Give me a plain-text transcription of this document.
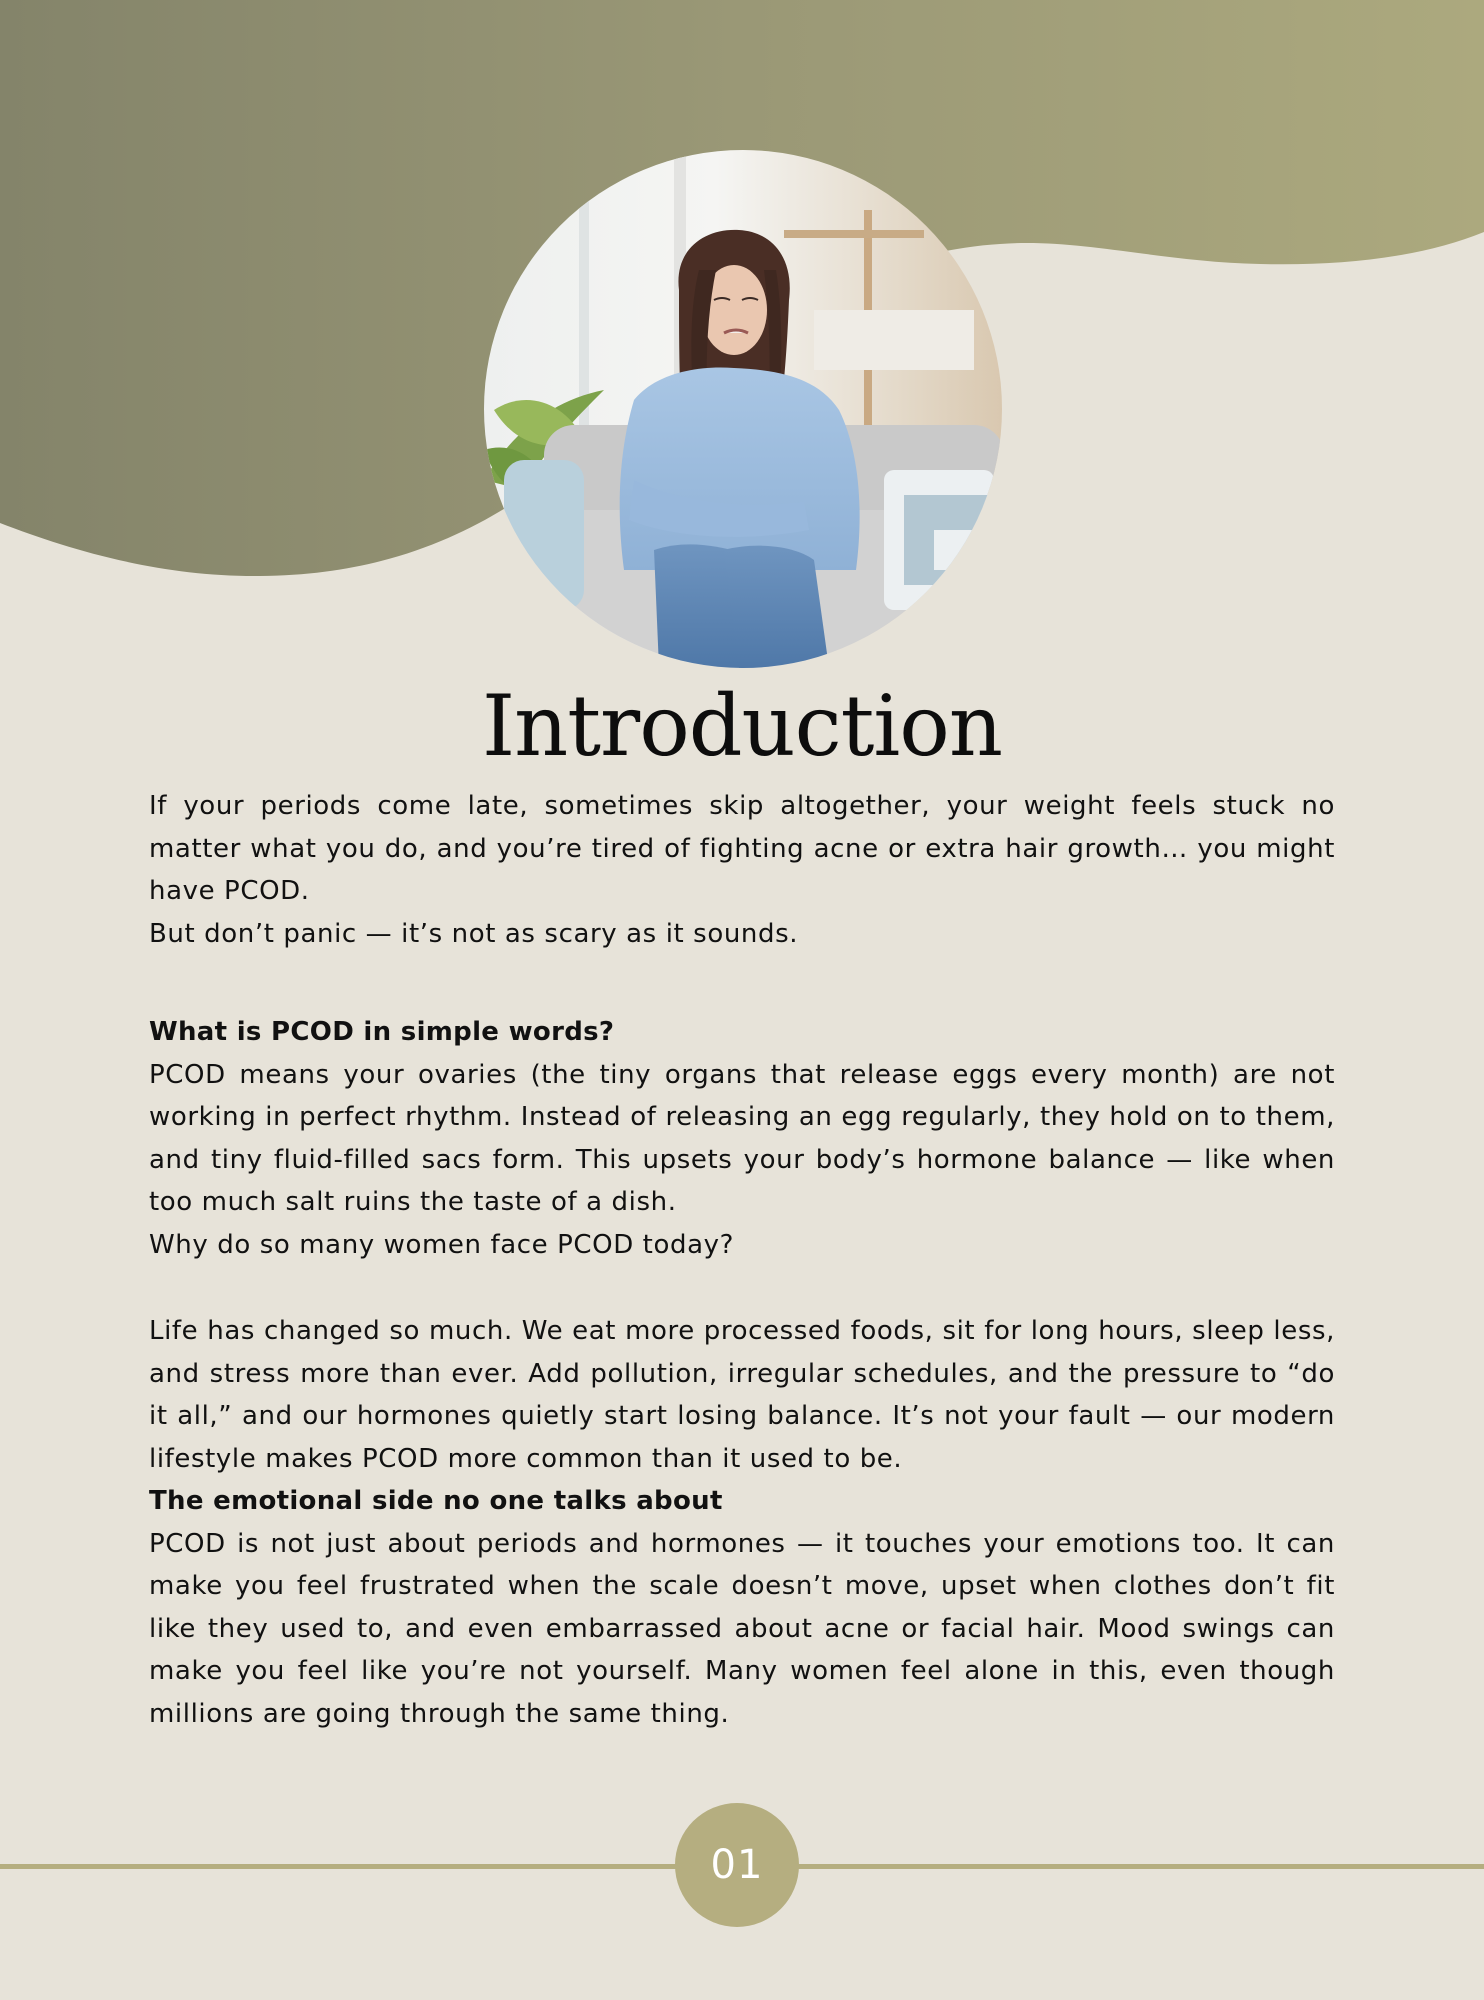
Introduction

If your periods come late, sometimes skip altogether, your weight feels stuck no matter what you do, and you’re tired of fighting acne or extra hair growth… you might have PCOD.

But don’t panic — it’s not as scary as it sounds.

What is PCOD in simple words?

PCOD means your ovaries (the tiny organs that release eggs every month) are not working in perfect rhythm. Instead of releasing an egg regularly, they hold on to them, and tiny fluid-filled sacs form. This upsets your body’s hormone balance — like when too much salt ruins the taste of a dish.

Why do so many women face PCOD today?

Life has changed so much. We eat more processed foods, sit for long hours, sleep less, and stress more than ever. Add pollution, irregular schedules, and the pressure to “do it all,” and our hormones quietly start losing balance. It’s not your fault — our modern lifestyle makes PCOD more common than it used to be.

The emotional side no one talks about

PCOD is not just about periods and hormones — it touches your emotions too. It can make you feel frustrated when the scale doesn’t move, upset when clothes don’t fit like they used to, and even embarrassed about acne or facial hair. Mood swings can make you feel like you’re not yourself. Many women feel alone in this, even though millions are going through the same thing.

01
